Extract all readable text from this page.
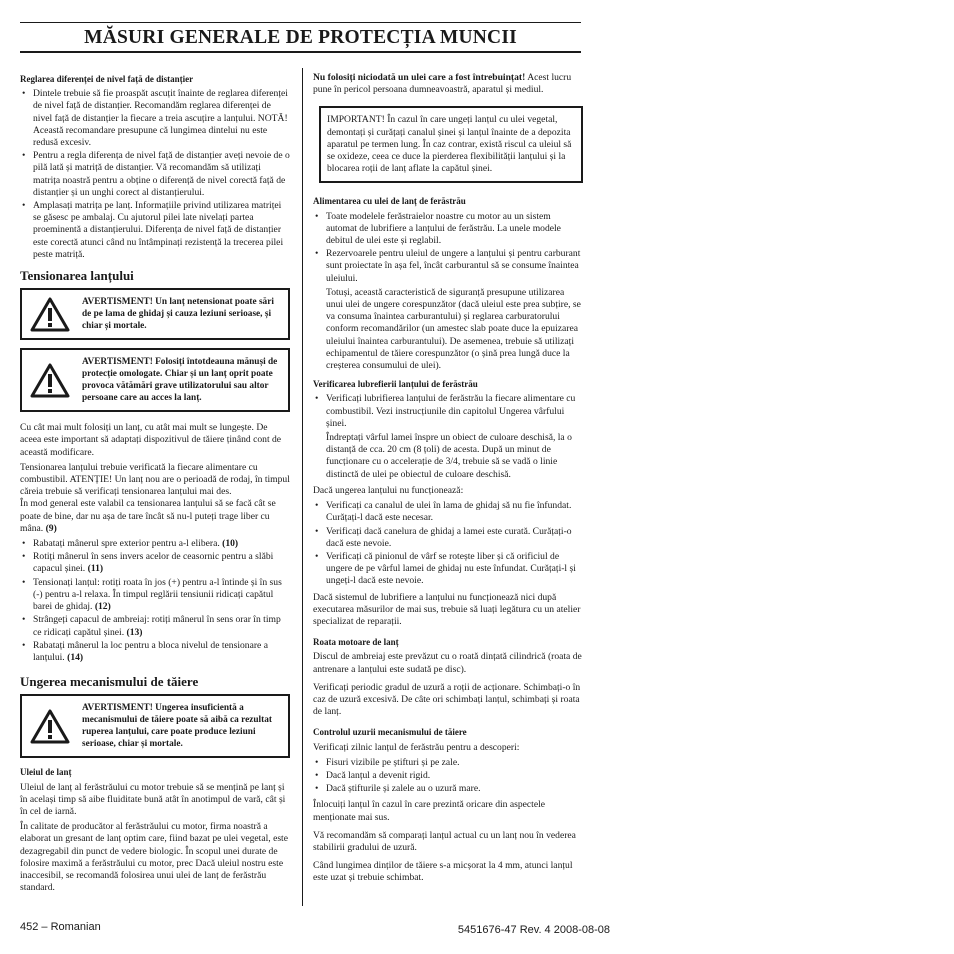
MĂSURI GENERALE DE PROTECȚIA MUNCII
Reglarea diferenței de nivel față de distanțier
• Dintele trebuie să fie proaspăt ascuțit înainte de reglarea diferenței de nivel față de distanțier. Recomandăm reglarea diferenței de nivel față de distanțier la fiecare a treia ascuțire a lanțului. NOTĂ! Această recomandare presupune că lungimea dintelui nu este redusă excesiv.
• Pentru a regla diferența de nivel față de distanțier aveți nevoie de o pilă lată și matriță de distanțier. Vă recomandăm să utilizați matrița noastră pentru a obține o diferență de nivel corectă față de distanțier și un unghi corect al distanțierului.
• Amplasați matrița pe lanț. Informațiile privind utilizarea matriței se găsesc pe ambalaj. Cu ajutorul pilei late nivelați partea proeminentă a distanțierului. Diferența de nivel față de distanțier este corectă atunci când nu întâmpinați rezistență la trecerea pilei peste matriță.
Tensionarea lanțului
AVERTISMENT! Un lanț netensionat poate sări de pe lama de ghidaj și cauza leziuni serioase, și chiar și mortale.
AVERTISMENT! Folosiți întotdeauna mănuși de protecție omologate. Chiar și un lanț oprit poate provoca vătămări grave utilizatorului sau altor persoane care au acces la lanț.

Cu cât mai mult folosiți un lanț, cu atât mai mult se lungește. De aceea este important să adaptați dispozitivul de tăiere ținând cont de această modificare.

Tensionarea lanțului trebuie verificată la fiecare alimentare cu combustibil. ATENȚIE! Un lanț nou are o perioadă de rodaj, în timpul căreia trebuie să verificați tensionarea lanțului mai des.

În mod general este valabil ca tensionarea lanțului să se facă cât se poate de bine, dar nu așa de tare încât să nu-l puteți trage liber cu mâna. (9)

• Rabatați mânerul spre exterior pentru a-l elibera. (10)
• Rotiți mânerul în sens invers acelor de ceasornic pentru a slăbi capacul șinei. (11)
• Tensionați lanțul: rotiți roata în jos (+) pentru a-l întinde și în sus (-) pentru a-l relaxa. În timpul reglării tensiunii ridicați capătul barei de ghidaj. (12)
• Strângeți capacul de ambreiaj: rotiți mânerul în sens orar în timp ce ridicați capătul șinei. (13)
• Rabatați mânerul la loc pentru a bloca nivelul de tensionare a lanțului. (14)
Ungerea mecanismului de tăiere
AVERTISMENT! Ungerea insuficientă a mecanismului de tăiere poate să aibă ca rezultat ruperea lanțului, care poate produce leziuni serioase, chiar și mortale.
Uleiul de lanț

Uleiul de lanț al ferăstrăului cu motor trebuie să se mențină pe lanț și în același timp să aibe fluiditate bună atât în anotimpul de vară, cât și în cel de iarnă.

În calitate de producător al ferăstrăului cu motor, firma noastră a elaborat un gresant de lanț optim care, fiind bazat pe ulei vegetal, este dezagregabil din punct de vedere biologic. În scopul unei durate de folosire maximă a ferăstrăului cu motor, prec Dacă uleiul nostru este inaccesibil, se recomandă folosirea unui ulei de lanț de ferăstrău standard.

Nu folosiți niciodată un ulei care a fost întrebuințat! Acest lucru pune în pericol persoana dumneavoastră, aparatul și mediul.

IMPORTANT! În cazul în care ungeți lanțul cu ulei vegetal, demontați și curățați canalul șinei și lanțul înainte de a depozita aparatul pe termen lung. În caz contrar, există riscul ca uleiul să se oxideze, ceea ce duce la pierderea flexibilității lanțului și la blocarea roții de lanț aflate la capătul șinei.
Alimentarea cu ulei de lanț de ferăstrău
• Toate modelele ferăstraielor noastre cu motor au un sistem automat de lubrifiere a lanțului de ferăstrău. La unele modele debitul de ulei este și reglabil.
• Rezervoarele pentru uleiul de ungere a lanțului și pentru carburant sunt proiectate în așa fel, încât carburantul să se consume înaintea uleiului.

Totuși, această caracteristică de siguranță presupune utilizarea unui ulei de ungere corespunzător (dacă uleiul este prea subțire, se va consuma înaintea carburantului) și reglarea carburatorului conform recomandărilor (un amestec slab poate duce la epuizarea uleiului înaintea carburantului). De asemenea, trebuie să utilizați echipamentul de tăiere corespunzător (o șină prea lungă duce la creșterea consumului de ulei).

Verificarea lubrefierii lanțului de ferăstrău
• Verificați lubrifierea lanțului de ferăstrău la fiecare alimentare cu combustibil. Vezi instrucțiunile din capitolul Ungerea vârfului șinei.

Îndreptați vârful lamei înspre un obiect de culoare deschisă, la o distanță de cca. 20 cm (8 țoli) de acesta. După un minut de funcționare cu o accelerație de 3/4, trebuie să se vadă o linie distinctă de ulei pe obiectul de culoare deschisă.

Dacă ungerea lanțului nu funcționează:

• Verificați ca canalul de ulei în lama de ghidaj să nu fie înfundat. Curățați-l dacă este necesar.
• Verificați dacă canelura de ghidaj a lamei este curată. Curățați-o dacă este nevoie.
• Verificați că pinionul de vârf se rotește liber și că orificiul de ungere de pe vârful lamei de ghidaj nu este înfundat. Curățați-l și ungeți-l dacă este nevoie.

Dacă sistemul de lubrifiere a lanțului nu funcționează nici după executarea măsurilor de mai sus, trebuie să luați legătura cu un atelier specializat de reparații.

Roata motoare de lanț

Discul de ambreiaj este prevăzut cu o roată dințată cilindrică (roata de antrenare a lanțului este sudată pe disc).

Verificați periodic gradul de uzură a roții de acționare. Schimbați-o în caz de uzură excesivă. De câte ori schimbați lanțul, schimbați și roata de lanț.

Controlul uzurii mecanismului de tăiere

Verificați zilnic lanțul de ferăstrău pentru a descoperi:

• Fisuri vizibile pe știfturi și pe zale.
• Dacă lanțul a devenit rigid.
• Dacă știfturile și zalele au o uzură mare.

Înlocuiți lanțul în cazul în care prezintă oricare din aspectele menționate mai sus.

Vă recomandăm să comparați lanțul actual cu un lanț nou în vederea stabilirii gradului de uzură.

Când lungimea dinților de tăiere s-a micșorat la 4 mm, atunci lanțul este uzat și trebuie schimbat.

452 – Romanian	5451676-47 Rev. 4 2008-08-08
